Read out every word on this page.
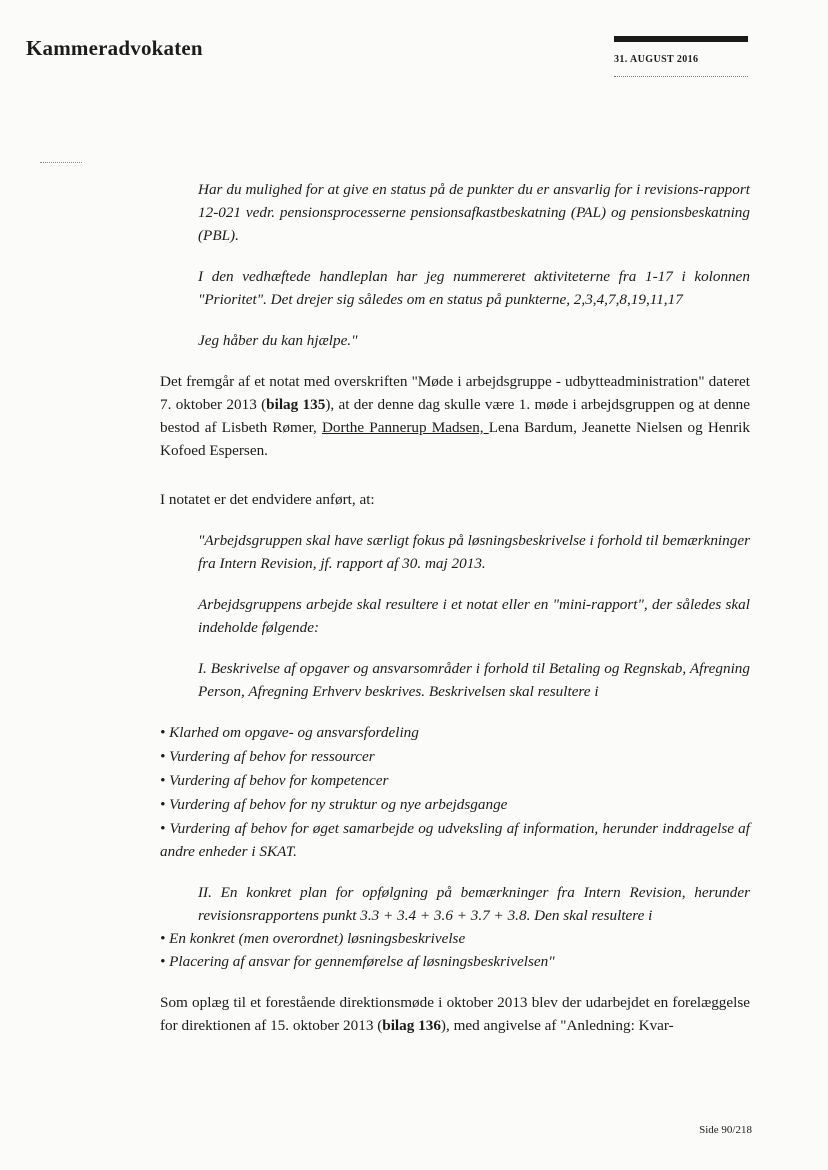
Kammeradvokaten	31. AUGUST 2016

Har du mulighed for at give en status på de punkter du er ansvarlig for i revisions-rapport 12-021 vedr. pensionsprocesserne pensionsafkastbeskatning (PAL) og pensionsbeskatning (PBL).

I den vedhæftede handleplan har jeg nummereret aktiviteterne fra 1-17 i kolonnen "Prioritet". Det drejer sig således om en status på punkterne, 2,3,4,7,8,19,11,17

Jeg håber du kan hjælpe."

Det fremgår af et notat med overskriften "Møde i arbejdsgruppe - udbytteadministration" dateret 7. oktober 2013 (bilag 135), at der denne dag skulle være 1. møde i arbejdsgruppen og at denne bestod af Lisbeth Rømer, Dorthe Pannerup Madsen, Lena Bardum, Jeanette Nielsen og Henrik Kofoed Espersen.

I notatet er det endvidere anført, at:

"Arbejdsgruppen skal have særligt fokus på løsningsbeskrivelse i forhold til bemærkninger fra Intern Revision, jf. rapport af 30. maj 2013.

Arbejdsgruppens arbejde skal resultere i et notat eller en "mini-rapport", der således skal indeholde følgende:

I. Beskrivelse af opgaver og ansvarsområder i forhold til Betaling og Regnskab, Afregning Person, Afregning Erhverv beskrives. Beskrivelsen skal resultere i

• Klarhed om opgave- og ansvarsfordeling
• Vurdering af behov for ressourcer
• Vurdering af behov for kompetencer
• Vurdering af behov for ny struktur og nye arbejdsgange
• Vurdering af behov for øget samarbejde og udveksling af information, herunder inddragelse af andre enheder i SKAT.

II. En konkret plan for opfølgning på bemærkninger fra Intern Revision, herunder revisionsrapportens punkt 3.3 + 3.4 + 3.6 + 3.7 + 3.8. Den skal resultere i

• En konkret (men overordnet) løsningsbeskrivelse
• Placering af ansvar for gennemførelse af løsningsbeskrivelsen"

Som oplæg til et forestående direktionsmøde i oktober 2013 blev der udarbejdet en forelæggelse for direktionen af 15. oktober 2013 (bilag 136), med angivelse af "Anledning: Kvar-

Side 90/218
